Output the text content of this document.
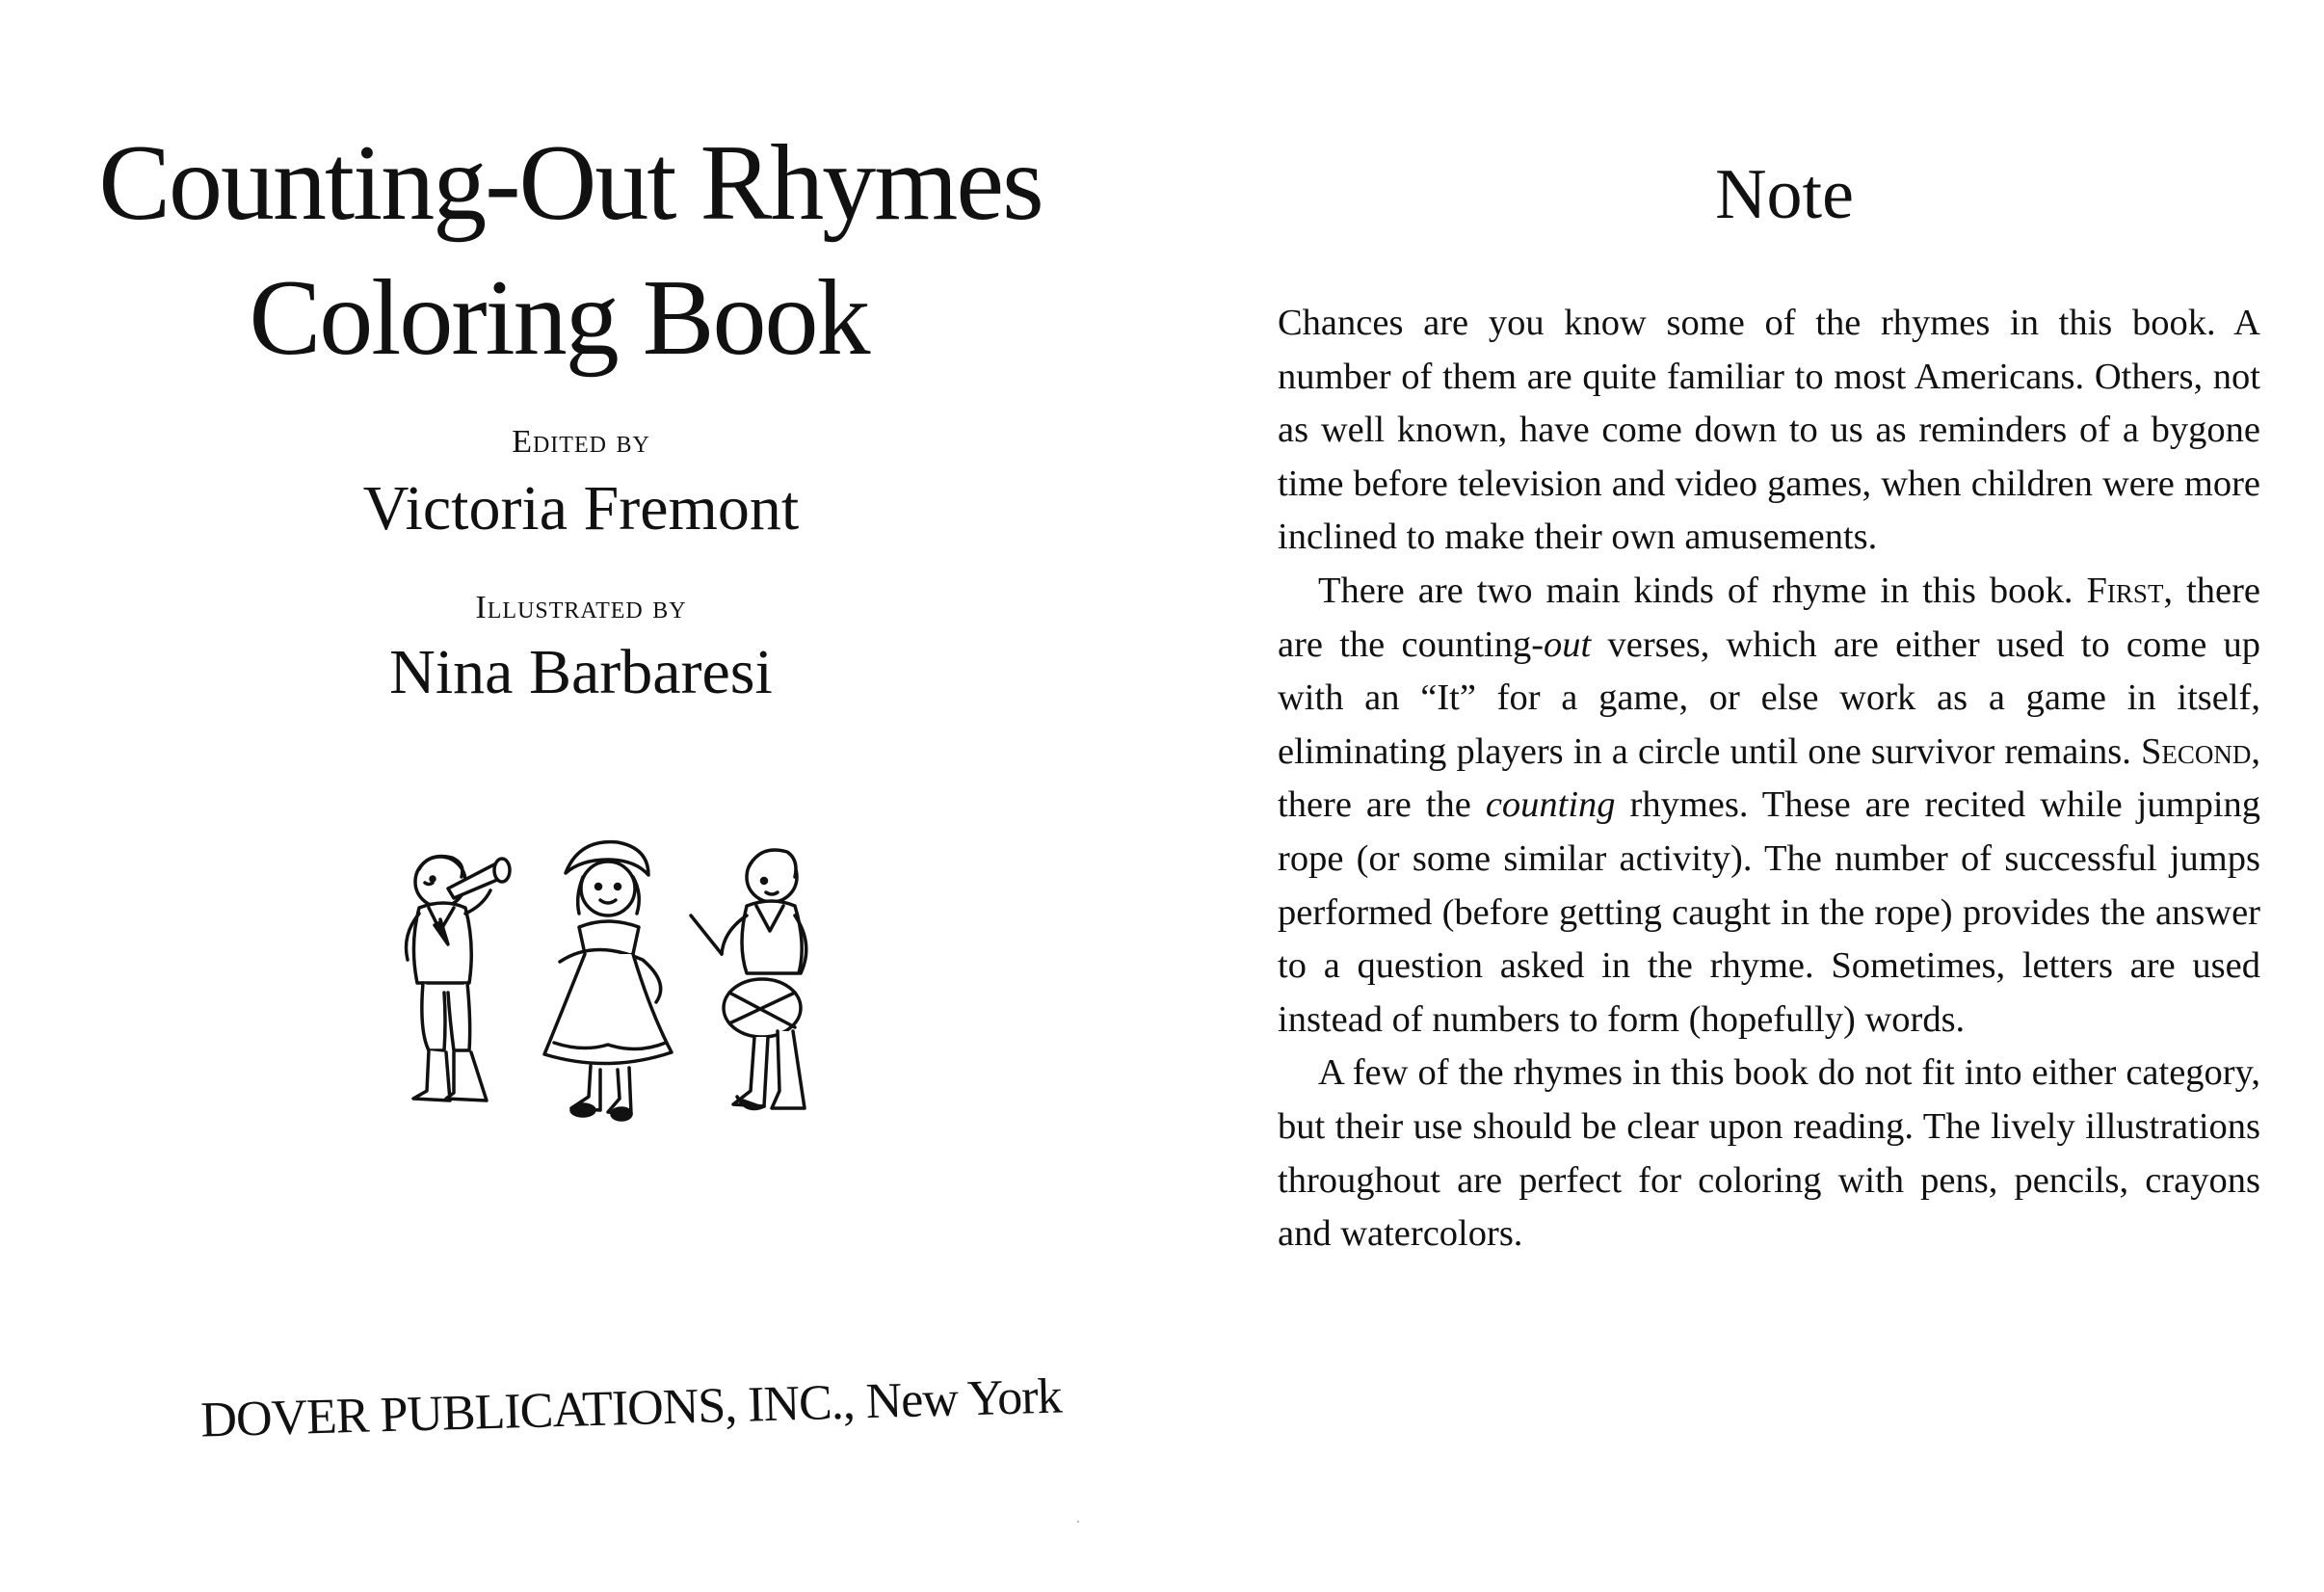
Counting-Out Rhymes
Coloring Book
Edited by
Victoria Fremont
Illustrated by
Nina Barbaresi
DOVER PUBLICATIONS, INC., New York
Note

Chances are you know some of the rhymes in this book. A number of them are quite familiar to most Americans. Others, not as well known, have come down to us as reminders of a bygone time before television and video games, when children were more inclined to make their own amusements.

There are two main kinds of rhyme in this book. First, there are the counting-out verses, which are either used to come up with an “It” for a game, or else work as a game in itself, eliminating players in a circle until one survivor remains. Second, there are the counting rhymes. These are recited while jumping rope (or some similar activity). The number of successful jumps performed (before getting caught in the rope) provides the answer to a question asked in the rhyme. Sometimes, letters are used instead of numbers to form (hopefully) words.

A few of the rhymes in this book do not fit into either category, but their use should be clear upon reading. The lively illustrations throughout are perfect for coloring with pens, pencils, crayons and watercolors.
